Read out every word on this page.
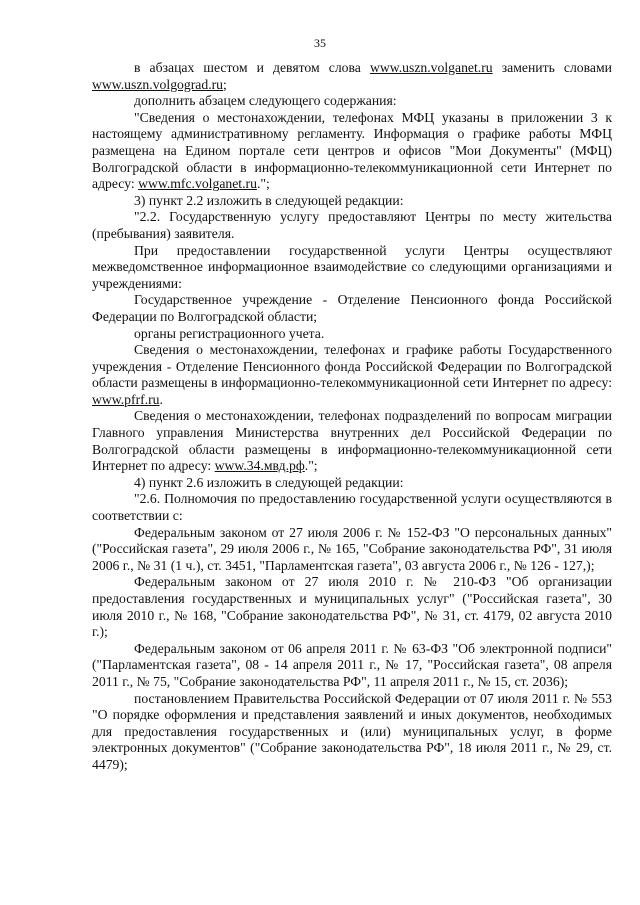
35

в абзацах шестом и девятом слова www.uszn.volganet.ru заменить словами www.uszn.volgograd.ru;

дополнить абзацем следующего содержания:

"Сведения о местонахождении, телефонах МФЦ указаны в приложении 3 к настоящему административному регламенту. Информация о графике работы МФЦ размещена на Едином портале сети центров и офисов "Мои Документы" (МФЦ) Волгоградской области в информационно-телекоммуникационной сети Интернет по адресу: www.mfc.volganet.ru.";

3) пункт 2.2 изложить в следующей редакции:

"2.2. Государственную услугу предоставляют Центры по месту жительства (пребывания) заявителя.

При предоставлении государственной услуги Центры осуществляют межведомственное информационное взаимодействие со следующими организациями и учреждениями:

Государственное учреждение - Отделение Пенсионного фонда Российской Федерации по Волгоградской области;

органы регистрационного учета.

Сведения о местонахождении, телефонах и графике работы Государственного учреждения - Отделение Пенсионного фонда Российской Федерации по Волгоградской области размещены в информационно-телекоммуникационной сети Интернет по адресу: www.pfrf.ru.

Сведения о местонахождении, телефонах подразделений по вопросам миграции Главного управления Министерства внутренних дел Российской Федерации по Волгоградской области размещены в информационно-телекоммуникационной сети Интернет по адресу: www.34.мвд.рф.";

4) пункт 2.6 изложить в следующей редакции:

"2.6. Полномочия по предоставлению государственной услуги осуществляются в соответствии с:

Федеральным законом от 27 июля 2006 г. № 152-ФЗ "О персональных данных" ("Российская газета", 29 июля 2006 г., № 165, "Собрание законодательства РФ", 31 июля 2006 г., № 31 (1 ч.), ст. 3451, "Парламентская газета", 03 августа 2006 г., № 126 - 127,);

Федеральным законом от 27 июля 2010 г. № 210-ФЗ "Об организации предоставления государственных и муниципальных услуг" ("Российская газета", 30 июля 2010 г., № 168, "Собрание законодательства РФ", № 31, ст. 4179, 02 августа 2010 г.);

Федеральным законом от 06 апреля 2011 г. № 63-ФЗ "Об электронной подписи" ("Парламентская газета", 08 - 14 апреля 2011 г., № 17, "Российская газета", 08 апреля 2011 г., № 75, "Собрание законодательства РФ", 11 апреля 2011 г., № 15, ст. 2036);

постановлением Правительства Российской Федерации от 07 июля 2011 г. № 553 "О порядке оформления и представления заявлений и иных документов, необходимых для предоставления государственных и (или) муниципальных услуг, в форме электронных документов" ("Собрание законодательства РФ", 18 июля 2011 г., № 29, ст. 4479);
